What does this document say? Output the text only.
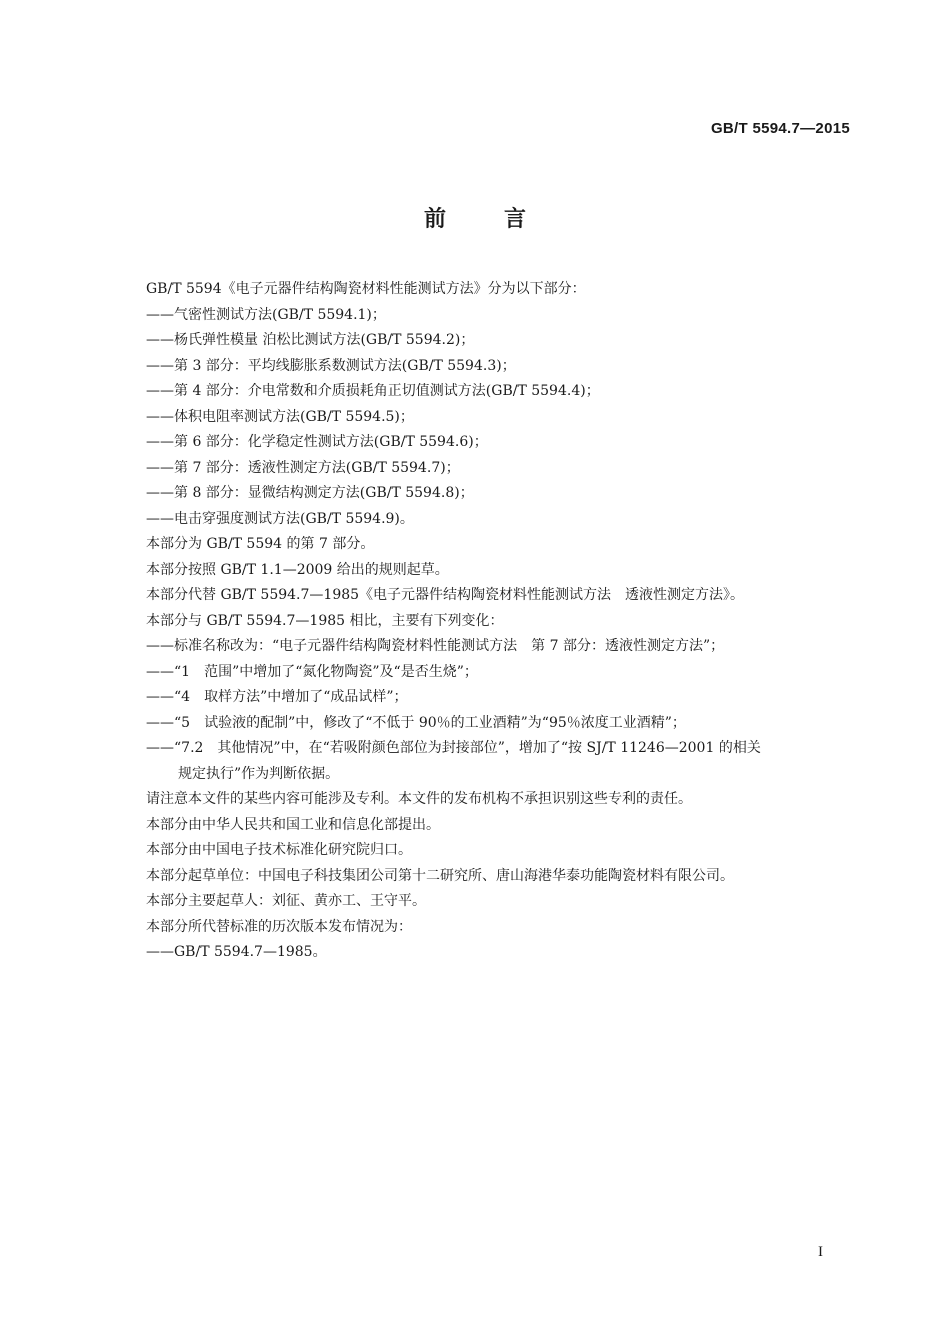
GB/T 5594.7—2015
前言
GB/T 5594《电子元器件结构陶瓷材料性能测试方法》分为以下部分：
——气密性测试方法(GB/T 5594.1)；
——杨氏弹性模量 泊松比测试方法(GB/T 5594.2)；
——第 3 部分：平均线膨胀系数测试方法(GB/T 5594.3)；
——第 4 部分：介电常数和介质损耗角正切值测试方法(GB/T 5594.4)；
——体积电阻率测试方法(GB/T 5594.5)；
——第 6 部分：化学稳定性测试方法(GB/T 5594.6)；
——第 7 部分：透液性测定方法(GB/T 5594.7)；
——第 8 部分：显微结构测定方法(GB/T 5594.8)；
——电击穿强度测试方法(GB/T 5594.9)。
本部分为 GB/T 5594 的第 7 部分。
本部分按照 GB/T 1.1—2009 给出的规则起草。
本部分代替 GB/T 5594.7—1985《电子元器件结构陶瓷材料性能测试方法　透液性测定方法》。
本部分与 GB/T 5594.7—1985 相比，主要有下列变化：
——标准名称改为：“电子元器件结构陶瓷材料性能测试方法　第 7 部分：透液性测定方法”；
——“1　范围”中增加了“氮化物陶瓷”及“是否生烧”；
——“4　取样方法”中增加了“成品试样”；
——“5　试验液的配制”中，修改了“不低于 90％的工业酒精”为“95％浓度工业酒精”；
——“7.2　其他情况”中，在“若吸附颜色部位为封接部位”，增加了“按 SJ/T 11246—2001 的相关
规定执行”作为判断依据。
请注意本文件的某些内容可能涉及专利。本文件的发布机构不承担识别这些专利的责任。
本部分由中华人民共和国工业和信息化部提出。
本部分由中国电子技术标准化研究院归口。
本部分起草单位：中国电子科技集团公司第十二研究所、唐山海港华泰功能陶瓷材料有限公司。
本部分主要起草人：刘征、黄亦工、王守平。
本部分所代替标准的历次版本发布情况为：
——GB/T 5594.7—1985。
I
